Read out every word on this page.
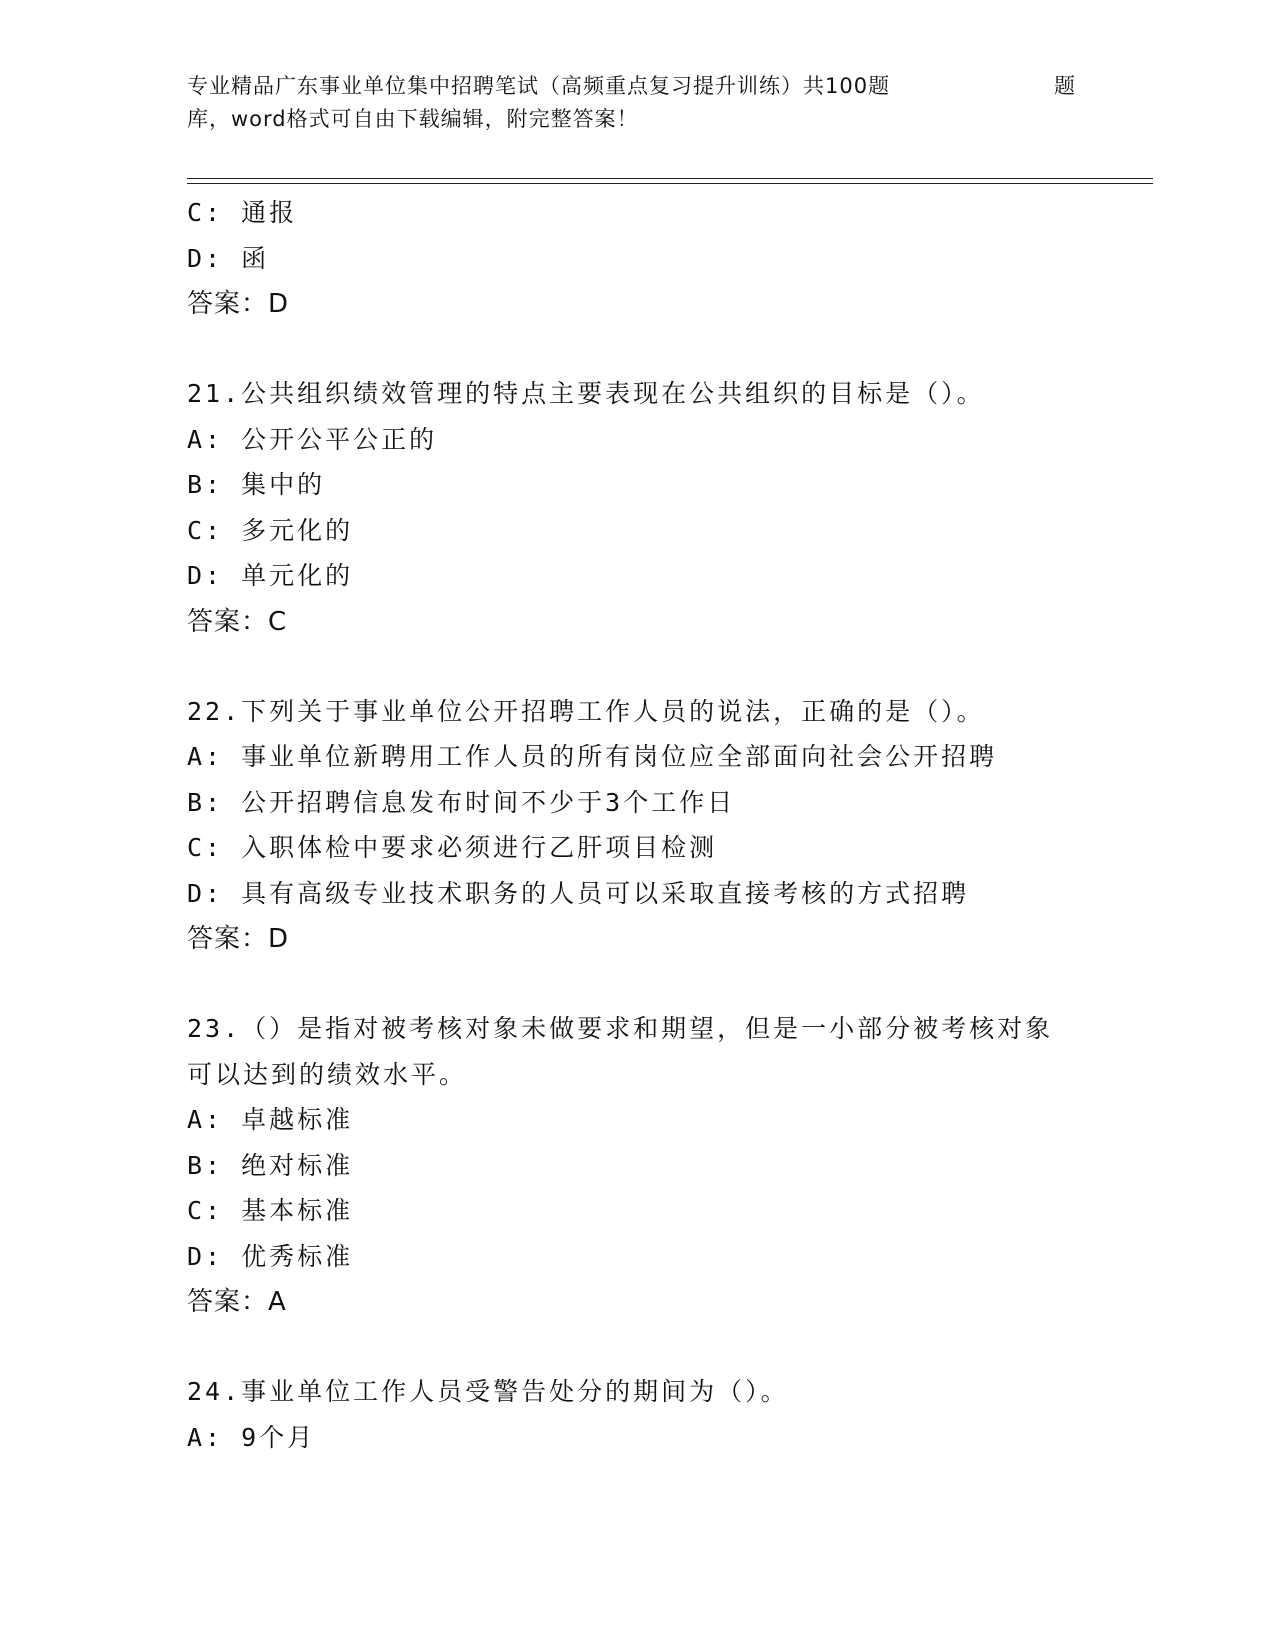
专业精品广东事业单位集中招聘笔试（高频重点复习提升训练）共100题
库，word格式可自由下载编辑，附完整答案！
题
C: 通报
D: 函
答案：D
21.公共组织绩效管理的特点主要表现在公共组织的目标是（）。
A: 公开公平公正的
B: 集中的
C: 多元化的
D: 单元化的
答案：C
22.下列关于事业单位公开招聘工作人员的说法，正确的是（）。
A: 事业单位新聘用工作人员的所有岗位应全部面向社会公开招聘
B: 公开招聘信息发布时间不少于3个工作日
C: 入职体检中要求必须进行乙肝项目检测
D: 具有高级专业技术职务的人员可以采取直接考核的方式招聘
答案：D
23.（）是指对被考核对象未做要求和期望，但是一小部分被考核对象
可以达到的绩效水平。
A: 卓越标准
B: 绝对标准
C: 基本标准
D: 优秀标准
答案：A
24.事业单位工作人员受警告处分的期间为（）。
A: 9个月
